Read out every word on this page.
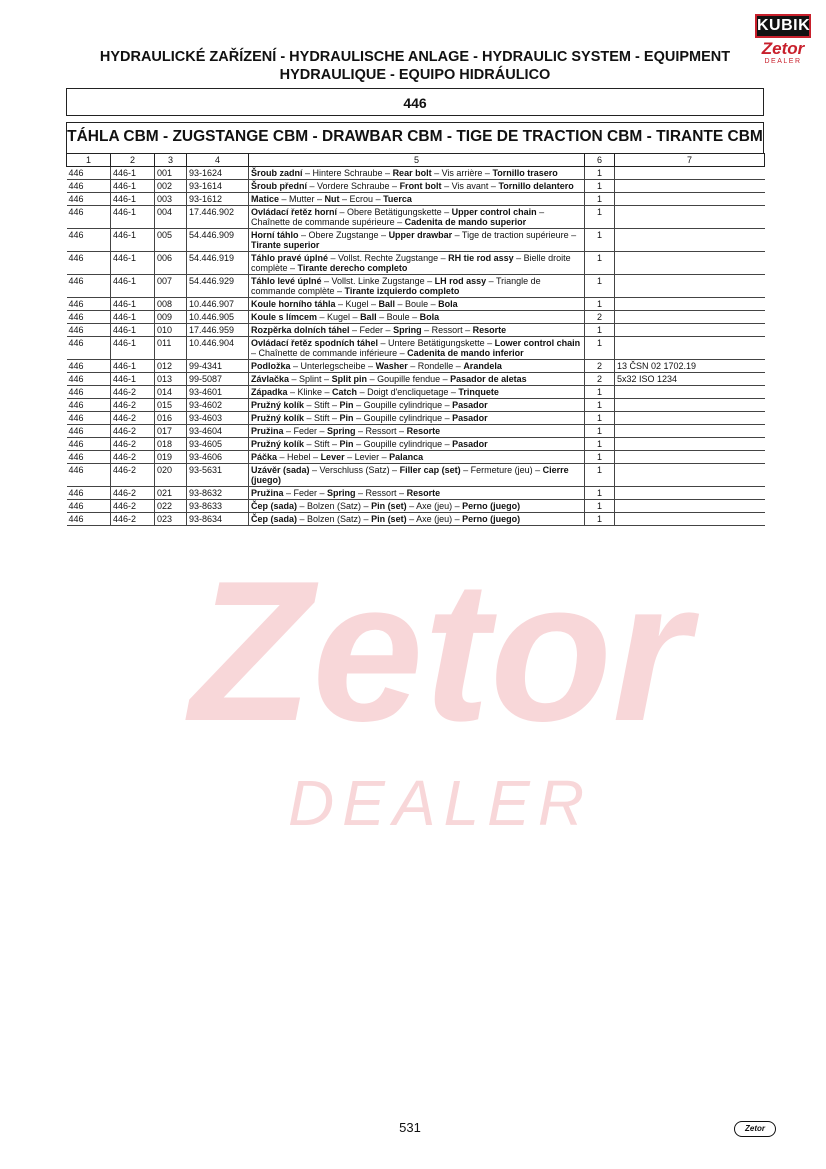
Zetor
DEALER
KUBIK
Zetor
DEALER
HYDRAULICKÉ ZAŘÍZENÍ - HYDRAULISCHE ANLAGE - HYDRAULIC SYSTEM - EQUIPMENT
HYDRAULIQUE - EQUIPO HIDRÁULICO
446
TÁHLA CBM - ZUGSTANGE CBM - DRAWBAR CBM - TIGE DE TRACTION CBM - TIRANTE CBM
1	2	3	4	5	6	7
446	446-1	001	93-1624	Šroub zadní – Hintere Schraube – Rear bolt – Vis arrière – Tornillo trasero	1	
446	446-1	002	93-1614	Šroub přední – Vordere Schraube – Front bolt – Vis avant – Tornillo delantero	1	
446	446-1	003	93-1612	Matice – Mutter – Nut – Ecrou – Tuerca	1	
446	446-1	004	17.446.902	Ovládací řetěz horní – Obere Betätigungskette – Upper control chain – Chaînette de commande supérieure – Cadenita de mando superior	1	
446	446-1	005	54.446.909	Horní táhlo – Obere Zugstange – Upper drawbar – Tige de traction supérieure – Tirante superior	1	
446	446-1	006	54.446.919	Táhlo pravé úplné – Vollst. Rechte Zugstange – RH tie rod assy – Bielle droite complète – Tirante derecho completo	1	
446	446-1	007	54.446.929	Táhlo levé úplné – Vollst. Linke Zugstange – LH rod assy – Triangle de commande complète – Tirante izquierdo completo	1	
446	446-1	008	10.446.907	Koule horního táhla – Kugel – Ball – Boule – Bola	1	
446	446-1	009	10.446.905	Koule s límcem – Kugel – Ball – Boule – Bola	2	
446	446-1	010	17.446.959	Rozpěrka dolních táhel – Feder – Spring – Ressort – Resorte	1	
446	446-1	011	10.446.904	Ovládací řetěz spodních táhel – Untere Betätigungskette – Lower control chain – Chaînette de commande inférieure – Cadenita de mando inferior	1	
446	446-1	012	99-4341	Podložka – Unterlegscheibe – Washer – Rondelle – Arandela	2	13 ČSN 02 1702.19
446	446-1	013	99-5087	Závlačka – Splint – Split pin – Goupille fendue – Pasador de aletas	2	5x32 ISO 1234
446	446-2	014	93-4601	Západka – Klinke – Catch – Doigt d'encliquetage – Trinquete	1	
446	446-2	015	93-4602	Pružný kolík – Stift – Pin – Goupille cylindrique – Pasador	1	
446	446-2	016	93-4603	Pružný kolík – Stift – Pin – Goupille cylindrique – Pasador	1	
446	446-2	017	93-4604	Pružina – Feder – Spring – Ressort – Resorte	1	
446	446-2	018	93-4605	Pružný kolík – Stift – Pin – Goupille cylindrique – Pasador	1	
446	446-2	019	93-4606	Páčka – Hebel – Lever – Levier – Palanca	1	
446	446-2	020	93-5631	Uzávěr (sada) – Verschluss (Satz) – Filler cap (set) – Fermeture (jeu) – Cierre (juego)	1	
446	446-2	021	93-8632	Pružina – Feder – Spring – Ressort – Resorte	1	
446	446-2	022	93-8633	Čep (sada) – Bolzen (Satz) – Pin (set) – Axe (jeu) – Perno (juego)	1	
446	446-2	023	93-8634	Čep (sada) – Bolzen (Satz) – Pin (set) – Axe (jeu) – Perno (juego)	1	
531	Zetor
